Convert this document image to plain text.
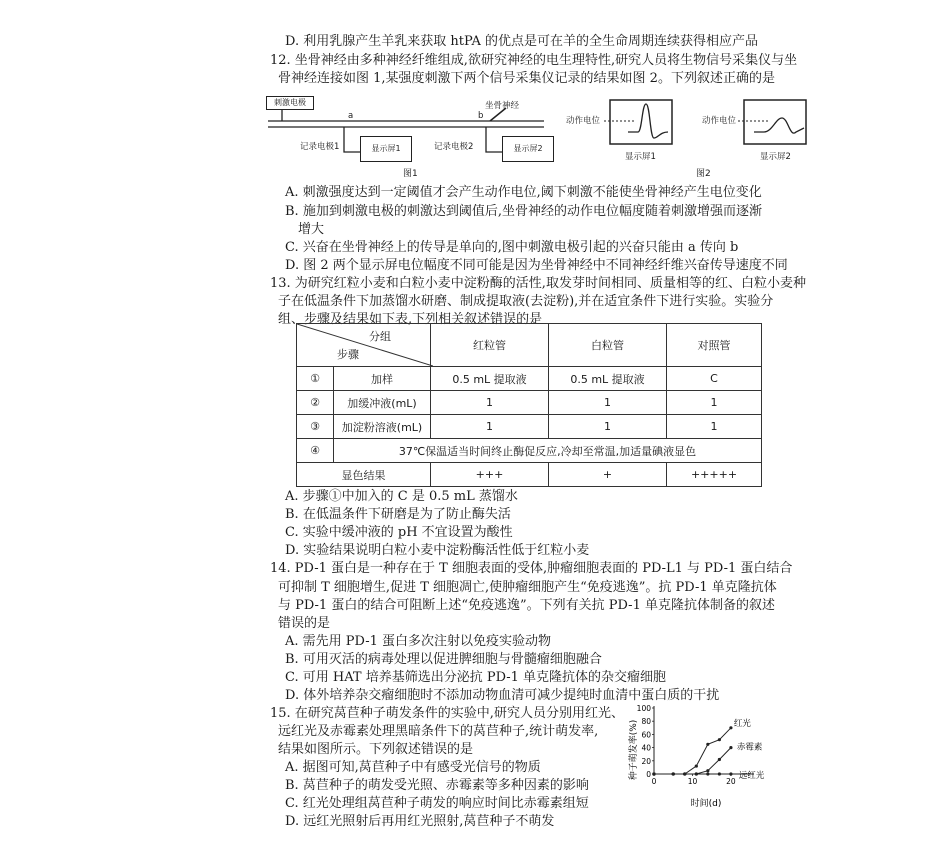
D. 利用乳腺产生羊乳来获取 htPA 的优点是可在羊的全生命周期连续获得相应产品
12. 坐骨神经由多种神经纤维组成,欲研究神经的电生理特性,研究人员将生物信号采集仪与坐
骨神经连接如图 1,某强度刺激下两个信号采集仪记录的结果如图 2。下列叙述正确的是
刺激电极	坐骨神经
a	b
记录电极1	显示屏1	记录电极2	显示屏2
图1
动作电位	动作电位
显示屏1	显示屏2
图2
A. 刺激强度达到一定阈值才会产生动作电位,阈下刺激不能使坐骨神经产生电位变化
B. 施加到刺激电极的刺激达到阈值后,坐骨神经的动作电位幅度随着刺激增强而逐渐
增大
C. 兴奋在坐骨神经上的传导是单向的,图中刺激电极引起的兴奋只能由 a 传向 b
D. 图 2 两个显示屏电位幅度不同可能是因为坐骨神经中不同神经纤维兴奋传导速度不同
13. 为研究红粒小麦和白粒小麦中淀粉酶的活性,取发芽时间相同、质量相等的红、白粒小麦种
子在低温条件下加蒸馏水研磨、制成提取液(去淀粉),并在适宜条件下进行实验。实验分
组、步骤及结果如下表,下列相关叙述错误的是
分组
步骤		红粒管	白粒管	对照管
①	加样	0.5 mL 提取液	0.5 mL 提取液	C
②	加缓冲液(mL)	1	1	1
③	加淀粉溶液(mL)	1	1	1
④	37℃保温适当时间终止酶促反应,冷却至常温,加适量碘液显色			
显色结果		+++	+	+++++
A. 步骤①中加入的 C 是 0.5 mL 蒸馏水
B. 在低温条件下研磨是为了防止酶失活
C. 实验中缓冲液的 pH 不宜设置为酸性
D. 实验结果说明白粒小麦中淀粉酶活性低于红粒小麦
14. PD-1 蛋白是一种存在于 T 细胞表面的受体,肿瘤细胞表面的 PD-L1 与 PD-1 蛋白结合
可抑制 T 细胞增生,促进 T 细胞凋亡,使肿瘤细胞产生“免疫逃逸”。抗 PD-1 单克隆抗体
与 PD-1 蛋白的结合可阻断上述“免疫逃逸”。下列有关抗 PD-1 单克隆抗体制备的叙述
错误的是
A. 需先用 PD-1 蛋白多次注射以免疫实验动物
B. 可用灭活的病毒处理以促进脾细胞与骨髓瘤细胞融合
C. 可用 HAT 培养基筛选出分泌抗 PD-1 单克隆抗体的杂交瘤细胞
D. 体外培养杂交瘤细胞时不添加动物血清可减少提纯时血清中蛋白质的干扰
15. 在研究莴苣种子萌发条件的实验中,研究人员分别用红光、
远红光及赤霉素处理黑暗条件下的莴苣种子,统计萌发率,
结果如图所示。下列叙述错误的是
A. 据图可知,莴苣种子中有感受光信号的物质
B. 莴苣种子的萌发受光照、赤霉素等多种因素的影响
C. 红光处理组莴苣种子萌发的响应时间比赤霉素组短
D. 远红光照射后再用红光照射,莴苣种子不萌发
种子萌发率(%)
时间(d)
0
20
40
60
80
100
0	10	20
红光
赤霉素
远红光
